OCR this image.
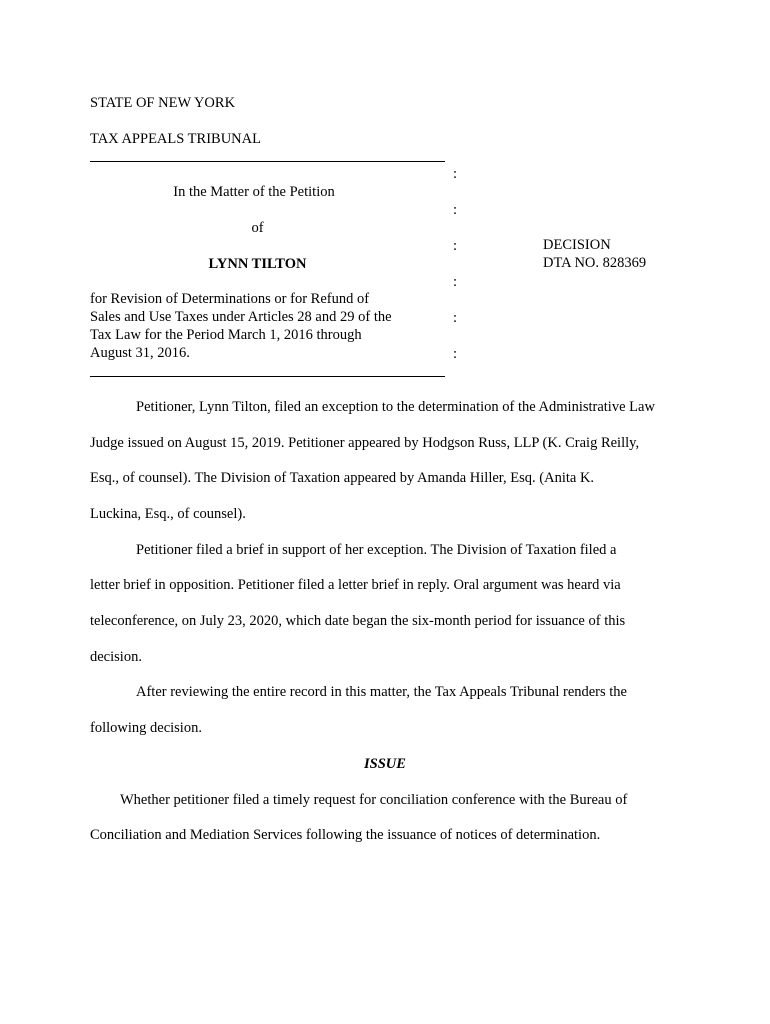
STATE OF NEW YORK
TAX APPEALS TRIBUNAL
In the Matter of the Petition
of
LYNN TILTON
for Revision of Determinations or for Refund of
Sales and Use Taxes under Articles 28 and 29 of the
Tax Law for the Period March 1, 2016 through
August 31, 2016.
:
:
:
:
:
:
DECISION
DTA NO. 828369
Petitioner, Lynn Tilton, filed an exception to the determination of the Administrative Law
Judge issued on August 15, 2019. Petitioner appeared by Hodgson Russ, LLP (K. Craig Reilly,
Esq., of counsel). The Division of Taxation appeared by Amanda Hiller, Esq. (Anita K.
Luckina, Esq., of counsel).
Petitioner filed a brief in support of her exception. The Division of Taxation filed a
letter brief in opposition. Petitioner filed a letter brief in reply. Oral argument was heard via
teleconference, on July 23, 2020, which date began the six-month period for issuance of this
decision.
After reviewing the entire record in this matter, the Tax Appeals Tribunal renders the
following decision.
ISSUE
Whether petitioner filed a timely request for conciliation conference with the Bureau of
Conciliation and Mediation Services following the issuance of notices of determination.
